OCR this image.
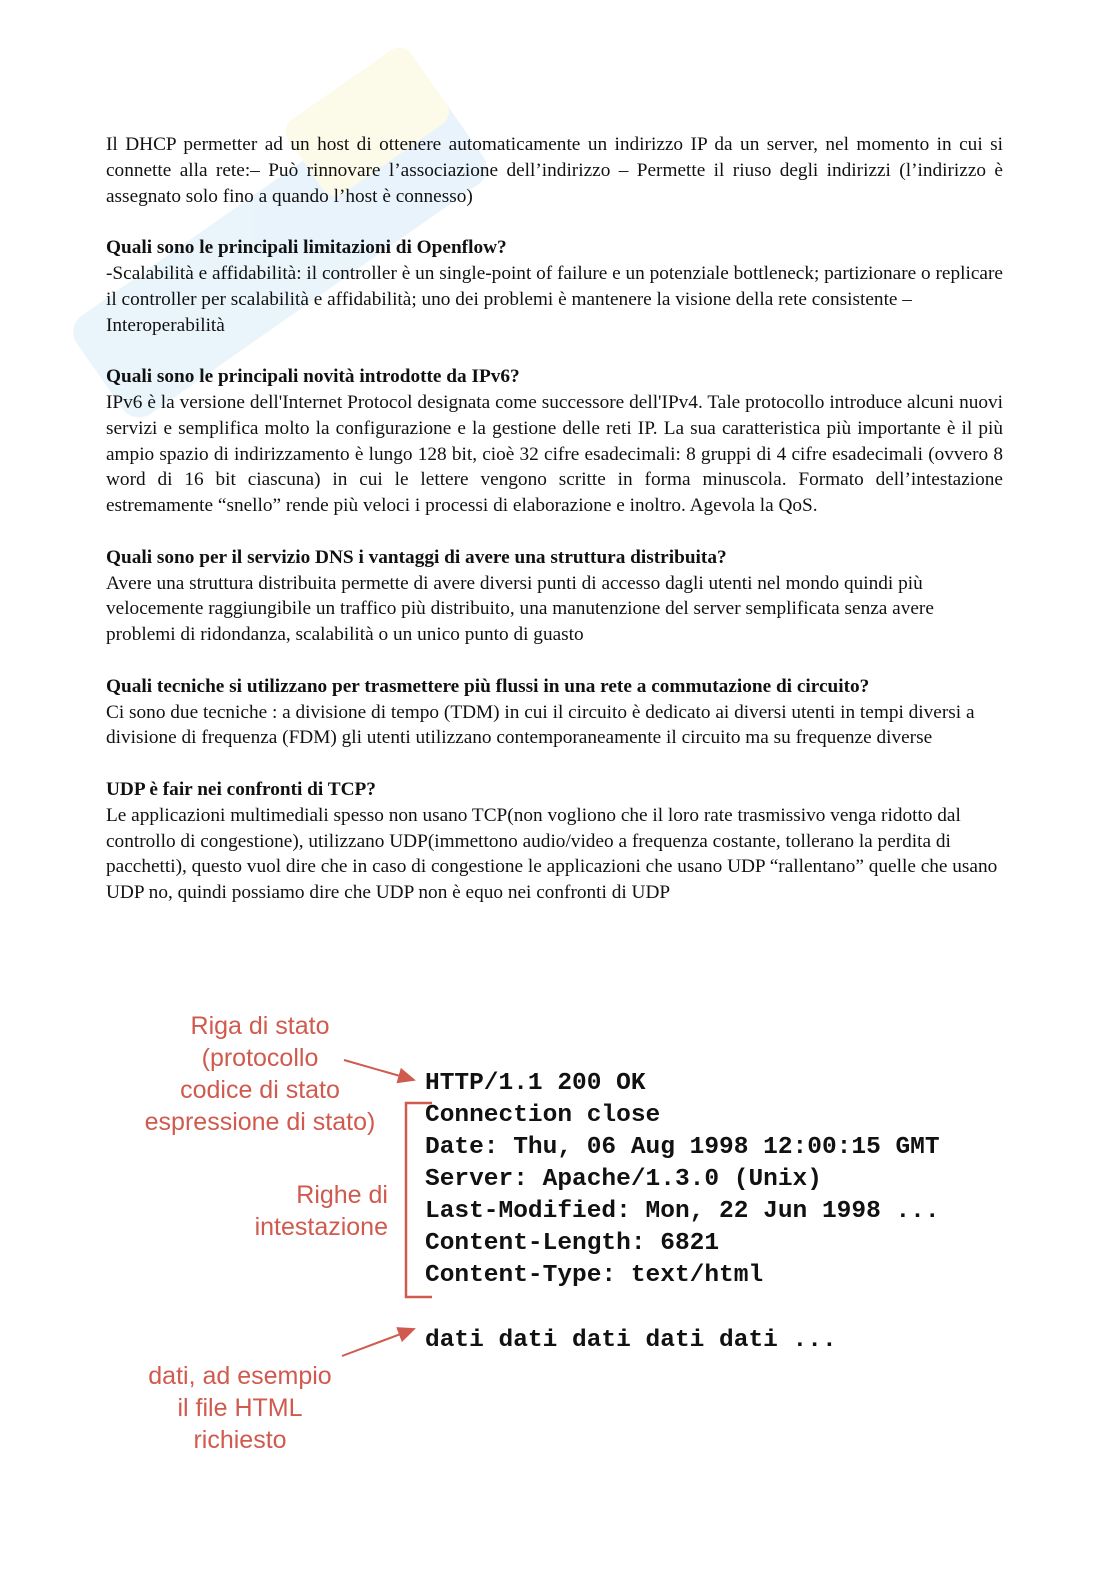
Il DHCP permetter ad un host di ottenere automaticamente un indirizzo IP da un server, nel momento in cui si connette alla rete:– Può rinnovare l’associazione dell’indirizzo – Permette il riuso degli indirizzi (l’indirizzo è assegnato solo fino a quando l’host è connesso)

Quali sono le principali limitazioni di Openflow?

-Scalabilità e affidabilità: il controller è un single-point of failure e un potenziale bottleneck; partizionare o replicare il controller per scalabilità e affidabilità; uno dei problemi è mantenere la visione della rete consistente –Interoperabilità

Quali sono le principali novità introdotte da IPv6?

IPv6 è la versione dell'Internet Protocol designata come successore dell'IPv4. Tale protocollo introduce alcuni nuovi servizi e semplifica molto la configurazione e la gestione delle reti IP. La sua caratteristica più importante è il più ampio spazio di indirizzamento è lungo 128 bit, cioè 32 cifre esadecimali: 8 gruppi di 4 cifre esadecimali (ovvero 8 word di 16 bit ciascuna) in cui le lettere vengono scritte in forma minuscola. Formato dell’intestazione estremamente “snello” rende più veloci i processi di elaborazione e inoltro. Agevola la QoS.

Quali sono per il servizio DNS i vantaggi di avere una struttura distribuita?

Avere una struttura distribuita permette di avere diversi punti di accesso dagli utenti nel mondo quindi più velocemente raggiungibile un traffico più distribuito, una manutenzione del server semplificata senza avere problemi di ridondanza, scalabilità o un unico punto di guasto

Quali tecniche si utilizzano per trasmettere più flussi in una rete a commutazione di circuito?

Ci sono due tecniche : a divisione di tempo (TDM) in cui il circuito è dedicato ai diversi utenti in tempi diversi a divisione di frequenza (FDM) gli utenti utilizzano contemporaneamente il circuito ma su frequenze diverse

UDP è fair nei confronti di TCP?

Le applicazioni multimediali spesso non usano TCP(non vogliono che il loro rate trasmissivo venga ridotto dal controllo di congestione), utilizzano UDP(immettono audio/video a frequenza costante, tollerano la perdita di pacchetti), questo vuol dire che in caso di congestione le applicazioni che usano UDP “rallentano” quelle che usano UDP no, quindi possiamo dire che UDP non è equo nei confronti di UDP

Riga di stato
(protocollo
codice di stato
espressione di stato)
Righe di
intestazione
dati, ad esempio
il file HTML
richiesto
HTTP/1.1 200 OK
Connection close
Date: Thu, 06 Aug 1998 12:00:15 GMT
Server: Apache/1.3.0 (Unix)
Last-Modified: Mon, 22 Jun 1998 ...
Content-Length: 6821
Content-Type: text/html
dati dati dati dati dati ...
